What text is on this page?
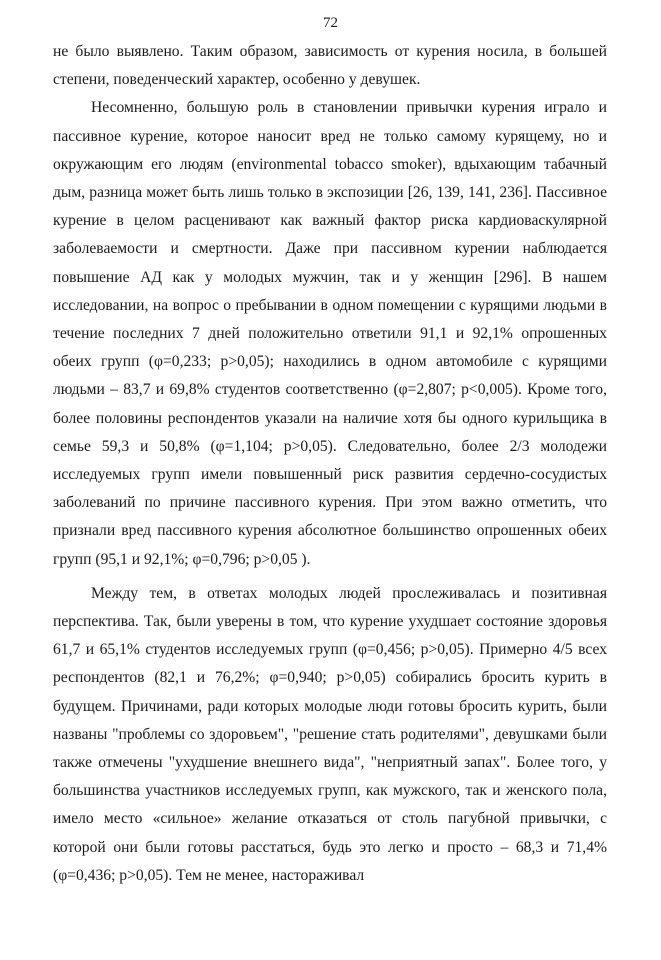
72

не было выявлено. Таким образом, зависимость от курения носила, в большей степени, поведенческий характер, особенно у девушек.

Несомненно, большую роль в становлении привычки курения играло и пассивное курение, которое наносит вред не только самому курящему, но и окружающим его людям (environmental tobacco smoker), вдыхающим табачный дым, разница может быть лишь только в экспозиции [26, 139, 141, 236]. Пассивное курение в целом расценивают как важный фактор риска кардиоваскулярной заболеваемости и смертности. Даже при пассивном курении наблюдается повышение АД как у молодых мужчин, так и у женщин [296]. В нашем исследовании, на вопрос о пребывании в одном помещении с курящими людьми в течение последних 7 дней положительно ответили 91,1 и 92,1% опрошенных обеих групп (φ=0,233; p>0,05); находились в одном автомобиле с курящими людьми – 83,7 и 69,8% студентов соответственно (φ=2,807; p<0,005). Кроме того, более половины респондентов указали на наличие хотя бы одного курильщика в семье 59,3 и 50,8% (φ=1,104; p>0,05). Следовательно, более 2/3 молодежи исследуемых групп имели повышенный риск развития сердечно-сосудистых заболеваний по причине пассивного курения. При этом важно отметить, что признали вред пассивного курения абсолютное большинство опрошенных обеих групп (95,1 и 92,1%; φ=0,796; p>0,05 ).

Между тем, в ответах молодых людей прослеживалась и позитивная перспектива. Так, были уверены в том, что курение ухудшает состояние здоровья 61,7 и 65,1% студентов исследуемых групп (φ=0,456; p>0,05). Примерно 4/5 всех респондентов (82,1 и 76,2%; φ=0,940; p>0,05) собирались бросить курить в будущем. Причинами, ради которых молодые люди готовы бросить курить, были названы "проблемы со здоровьем", "решение стать родителями", девушками были также отмечены "ухудшение внешнего вида", "неприятный запах". Более того, у большинства участников исследуемых групп, как мужского, так и женского пола, имело место «сильное» желание отказаться от столь пагубной привычки, с которой они были готовы расстаться, будь это легко и просто – 68,3 и 71,4% (φ=0,436; p>0,05). Тем не менее, настораживал
